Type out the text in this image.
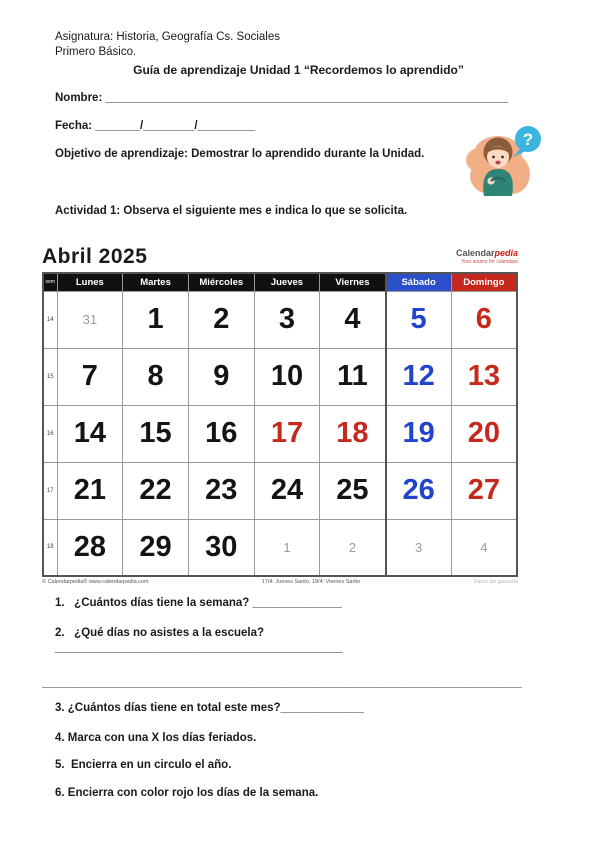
Asignatura: Historia, Geografía Cs. Sociales
Primero Básico.
Guía de aprendizaje Unidad 1 “Recordemos lo aprendido”
Nombre: _______________________________________________________________
Fecha: _______/________/_________
Objetivo de aprendizaje: Demostrar lo aprendido durante la Unidad.
Actividad 1: Observa el siguiente mes e indica lo que se solicita.
?
Abril 2025	Calendarpedia
Your source for calendars
sem	Lunes	Martes	Miércoles	Jueves	Viernes	Sábado	Domingo
14	31	1	2	3	4	5	6
15	7	8	9	10	11	12	13
16	14	15	16	17	18	19	20
17	21	22	23	24	25	26	27
18	28	29	30	1	2	3	4
© Calendarpedia® www.calendarpedia.com	17/4: Jueves Santo, 18/4: Viernes Santo	Datos sin garantía
1.   ¿Cuántos días tiene la semana? ______________
2.   ¿Qué días no asistes a la escuela? _____________________________________________
___________________________________________________________________________
3. ¿Cuántos días tiene en total este mes?_____________
4. Marca con una X los días feriados.
5.  Encierra en un circulo el año.
6. Encierra con color rojo los días de la semana.
